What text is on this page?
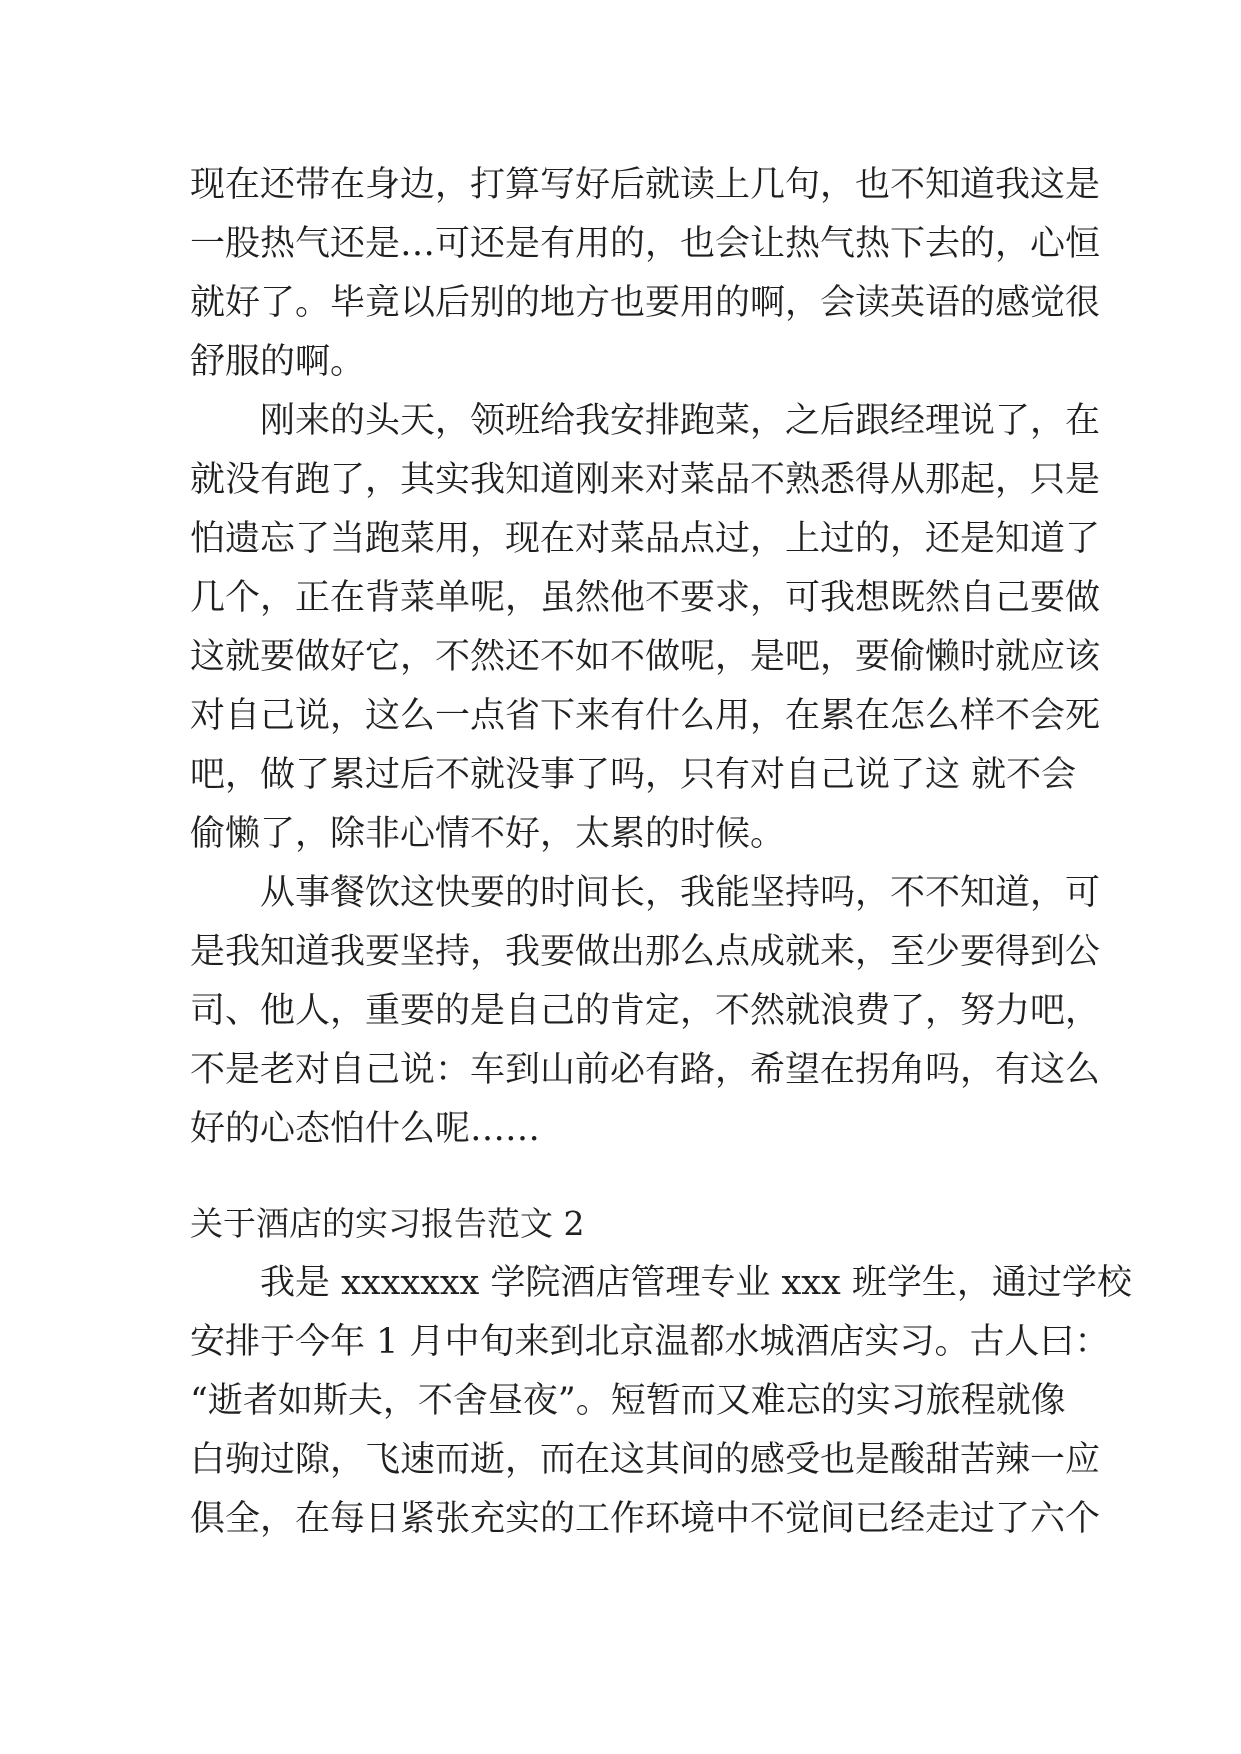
现在还带在身边，打算写好后就读上几句，也不知道我这是
一股热气还是…可还是有用的，也会让热气热下去的，心恒
就好了。毕竟以后别的地方也要用的啊，会读英语的感觉很
舒服的啊。
刚来的头天，领班给我安排跑菜，之后跟经理说了，在
就没有跑了，其实我知道刚来对菜品不熟悉得从那起，只是
怕遗忘了当跑菜用，现在对菜品点过，上过的，还是知道了
几个，正在背菜单呢，虽然他不要求，可我想既然自己要做
这就要做好它，不然还不如不做呢，是吧，要偷懒时就应该
对自己说，这么一点省下来有什么用，在累在怎么样不会死
吧，做了累过后不就没事了吗，只有对自己说了这 就不会
偷懒了，除非心情不好，太累的时候。
从事餐饮这快要的时间长，我能坚持吗，不不知道，可
是我知道我要坚持，我要做出那么点成就来，至少要得到公
司、他人，重要的是自己的肯定，不然就浪费了，努力吧，
不是老对自己说：车到山前必有路，希望在拐角吗，有这么
好的心态怕什么呢……
关于酒店的实习报告范文 2
我是 xxxxxxx 学院酒店管理专业 xxx 班学生，通过学校
安排于今年 1 月中旬来到北京温都水城酒店实习。古人曰：
“逝者如斯夫，不舍昼夜”。短暂而又难忘的实习旅程就像
白驹过隙，飞速而逝，而在这其间的感受也是酸甜苦辣一应
俱全，在每日紧张充实的工作环境中不觉间已经走过了六个
